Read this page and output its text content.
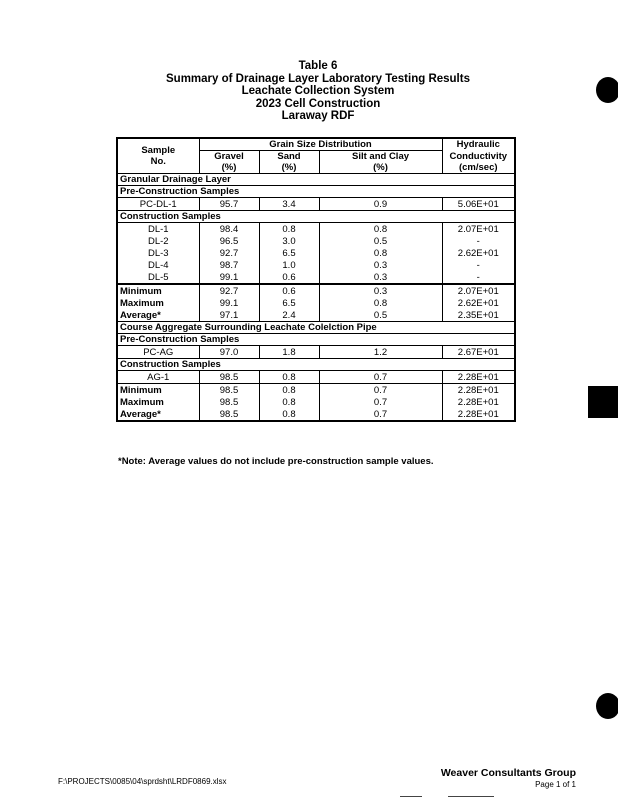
Table 6
Summary of Drainage Layer Laboratory Testing Results
Leachate Collection System
2023 Cell Construction
Laraway RDF
Sample
No.	Grain Size Distribution			Hydraulic
	Gravel	Sand	Silt and Clay	Conductivity
	(%)	(%)	(%)	(cm/sec)
Granular Drainage Layer				
Pre-Construction Samples				
PC-DL-1	95.7	3.4	0.9	5.06E+01
Construction Samples				
DL-1	98.4	0.8	0.8	2.07E+01
DL-2	96.5	3.0	0.5	-
DL-3	92.7	6.5	0.8	2.62E+01
DL-4	98.7	1.0	0.3	-
DL-5	99.1	0.6	0.3	-
Minimum	92.7	0.6	0.3	2.07E+01
Maximum	99.1	6.5	0.8	2.62E+01
Average*	97.1	2.4	0.5	2.35E+01
Course Aggregate Surrounding Leachate Colelction Pipe				
Pre-Construction Samples				
PC-AG	97.0	1.8	1.2	2.67E+01
Construction Samples				
AG-1	98.5	0.8	0.7	2.28E+01
Minimum	98.5	0.8	0.7	2.28E+01
Maximum	98.5	0.8	0.7	2.28E+01
Average*	98.5	0.8	0.7	2.28E+01
*Note: Average values do not include pre-construction sample values.
F:\PROJECTS\0085\04\sprdsht\LRDF0869.xlsx
Weaver Consultants Group
Page 1 of 1
